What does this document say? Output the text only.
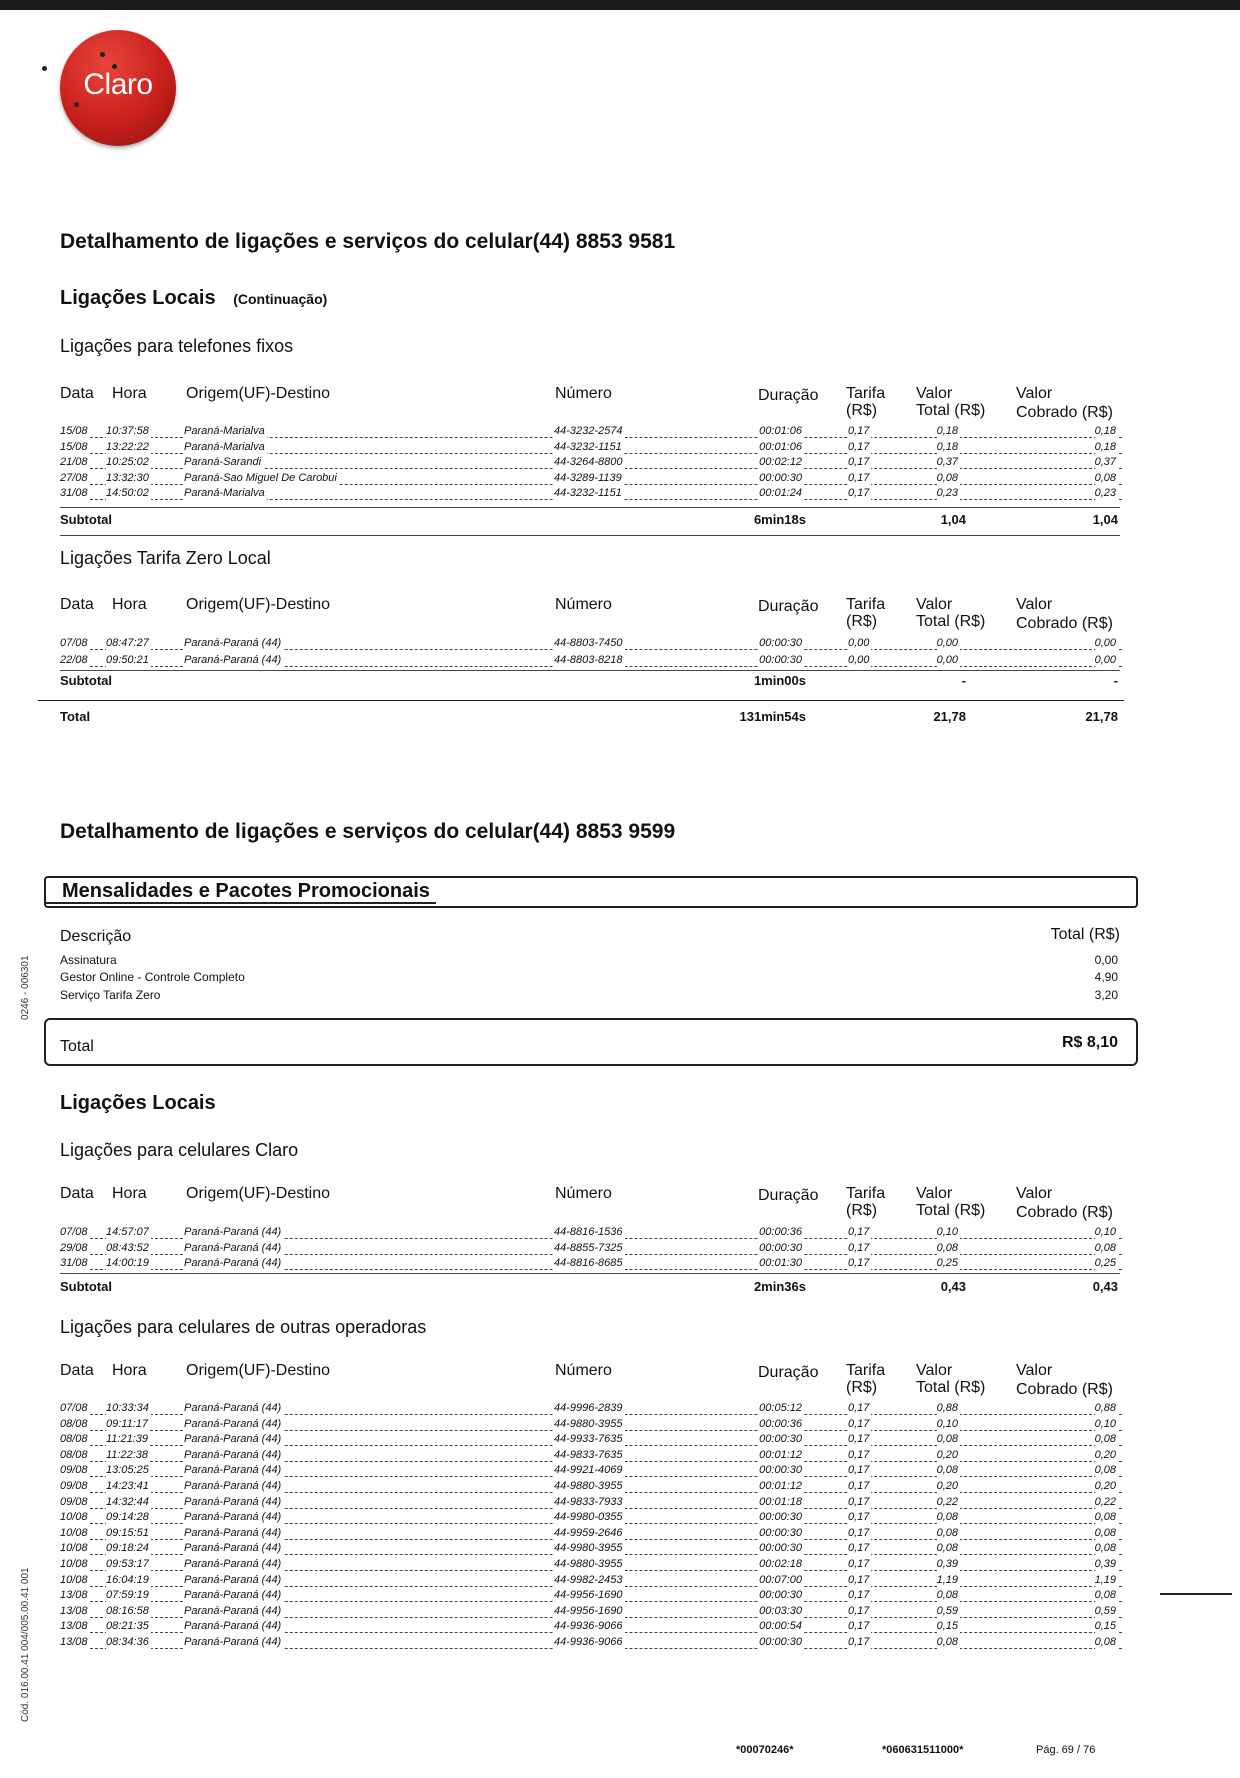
Claro
Detalhamento de ligações e serviços do celular(44) 8853 9581
Ligações Locais (Continuação)
Ligações para telefones fixos
Data Hora Origem(UF)-Destino	Número	Duração Tarifa
(R$)
Valor
Total (R$)
Valor
Cobrado (R$)
15/08 10:37:58	Paraná-Marialva	44-3232-2574	00:01:06	0,17	0,18	0,18
15/08 13:22:22	Paraná-Marialva	44-3232-1151	00:01:06	0,17	0,18	0,18
21/08 10:25:02	Paraná-Sarandi	44-3264-8800	00:02:12	0,17	0,37	0,37
27/08 13:32:30	Paraná-Sao Miguel De Carobui	44-3289-1139	00:00:30	0,17	0,08	0,08
31/08 14:50:02	Paraná-Marialva	44-3232-1151	00:01:24	0,17	0,23	0,23
Subtotal	6min18s	1,04	1,04
Ligações Tarifa Zero Local
Data Hora Origem(UF)-Destino	Número	Duração Tarifa
(R$)
Valor
Total (R$)
Valor
Cobrado (R$)
07/08 08:47:27	Paraná-Paraná (44)	44-8803-7450	00:00:30	0,00	0,00	0,00
22/08 09:50:21	Paraná-Paraná (44)	44-8803-8218	00:00:30	0,00	0,00	0,00
Subtotal	1min00s	-	-
Data Hora Origem(UF)-Destino	Número	Duração Tarifa
(R$)
Valor
Total (R$)
Valor
Cobrado (R$)
07/08 14:57:07	Paraná-Paraná (44)	44-8816-1536	00:00:36	0,17	0,10	0,10
29/08 08:43:52	Paraná-Paraná (44)	44-8855-7325	00:00:30	0,17	0,08	0,08
31/08 14:00:19	Paraná-Paraná (44)	44-8816-8685	00:01:30	0,17	0,25	0,25
Subtotal	2min36s	0,43	0,43
Data Hora Origem(UF)-Destino	Número	Duração Tarifa
(R$)
Valor
Total (R$)
Valor
Cobrado (R$)
07/08 10:33:34	Paraná-Paraná (44)	44-9996-2839	00:05:12	0,17	0,88	0,88
08/08 09:11:17	Paraná-Paraná (44)	44-9880-3955	00:00:36	0,17	0,10	0,10
08/08 11:21:39	Paraná-Paraná (44)	44-9933-7635	00:00:30	0,17	0,08	0,08
08/08 11:22:38	Paraná-Paraná (44)	44-9833-7635	00:01:12	0,17	0,20	0,20
09/08 13:05:25	Paraná-Paraná (44)	44-9921-4069	00:00:30	0,17	0,08	0,08
09/08 14:23:41	Paraná-Paraná (44)	44-9880-3955	00:01:12	0,17	0,20	0,20
09/08 14:32:44	Paraná-Paraná (44)	44-9833-7933	00:01:18	0,17	0,22	0,22
10/08 09:14:28	Paraná-Paraná (44)	44-9980-0355	00:00:30	0,17	0,08	0,08
10/08 09:15:51	Paraná-Paraná (44)	44-9959-2646	00:00:30	0,17	0,08	0,08
10/08 09:18:24	Paraná-Paraná (44)	44-9980-3955	00:00:30	0,17	0,08	0,08
10/08 09:53:17	Paraná-Paraná (44)	44-9880-3955	00:02:18	0,17	0,39	0,39
10/08 16:04:19	Paraná-Paraná (44)	44-9982-2453	00:07:00	0,17	1,19	1,19
13/08 07:59:19	Paraná-Paraná (44)	44-9956-1690	00:00:30	0,17	0,08	0,08
13/08 08:16:58	Paraná-Paraná (44)	44-9956-1690	00:03:30	0,17	0,59	0,59
13/08 08:21:35	Paraná-Paraná (44)	44-9936-9066	00:00:54	0,17	0,15	0,15
13/08 08:34:36	Paraná-Paraná (44)	44-9936-9066	00:00:30	0,17	0,08	0,08
Total	131min54s	21,78	21,78
Detalhamento de ligações e serviços do celular(44) 8853 9599
Mensalidades e Pacotes Promocionais
Descrição	Total (R$)
Assinatura	0,00
Gestor Online - Controle Completo	4,90
Serviço Tarifa Zero	3,20
Total	R$ 8,10
Ligações Locais
Ligações para celulares Claro
Ligações para celulares de outras operadoras
0246 - 006301
Cód. 016.00.41 004/005.00.41 001
*00070246*	*060631511000*	Pág. 69 / 76
